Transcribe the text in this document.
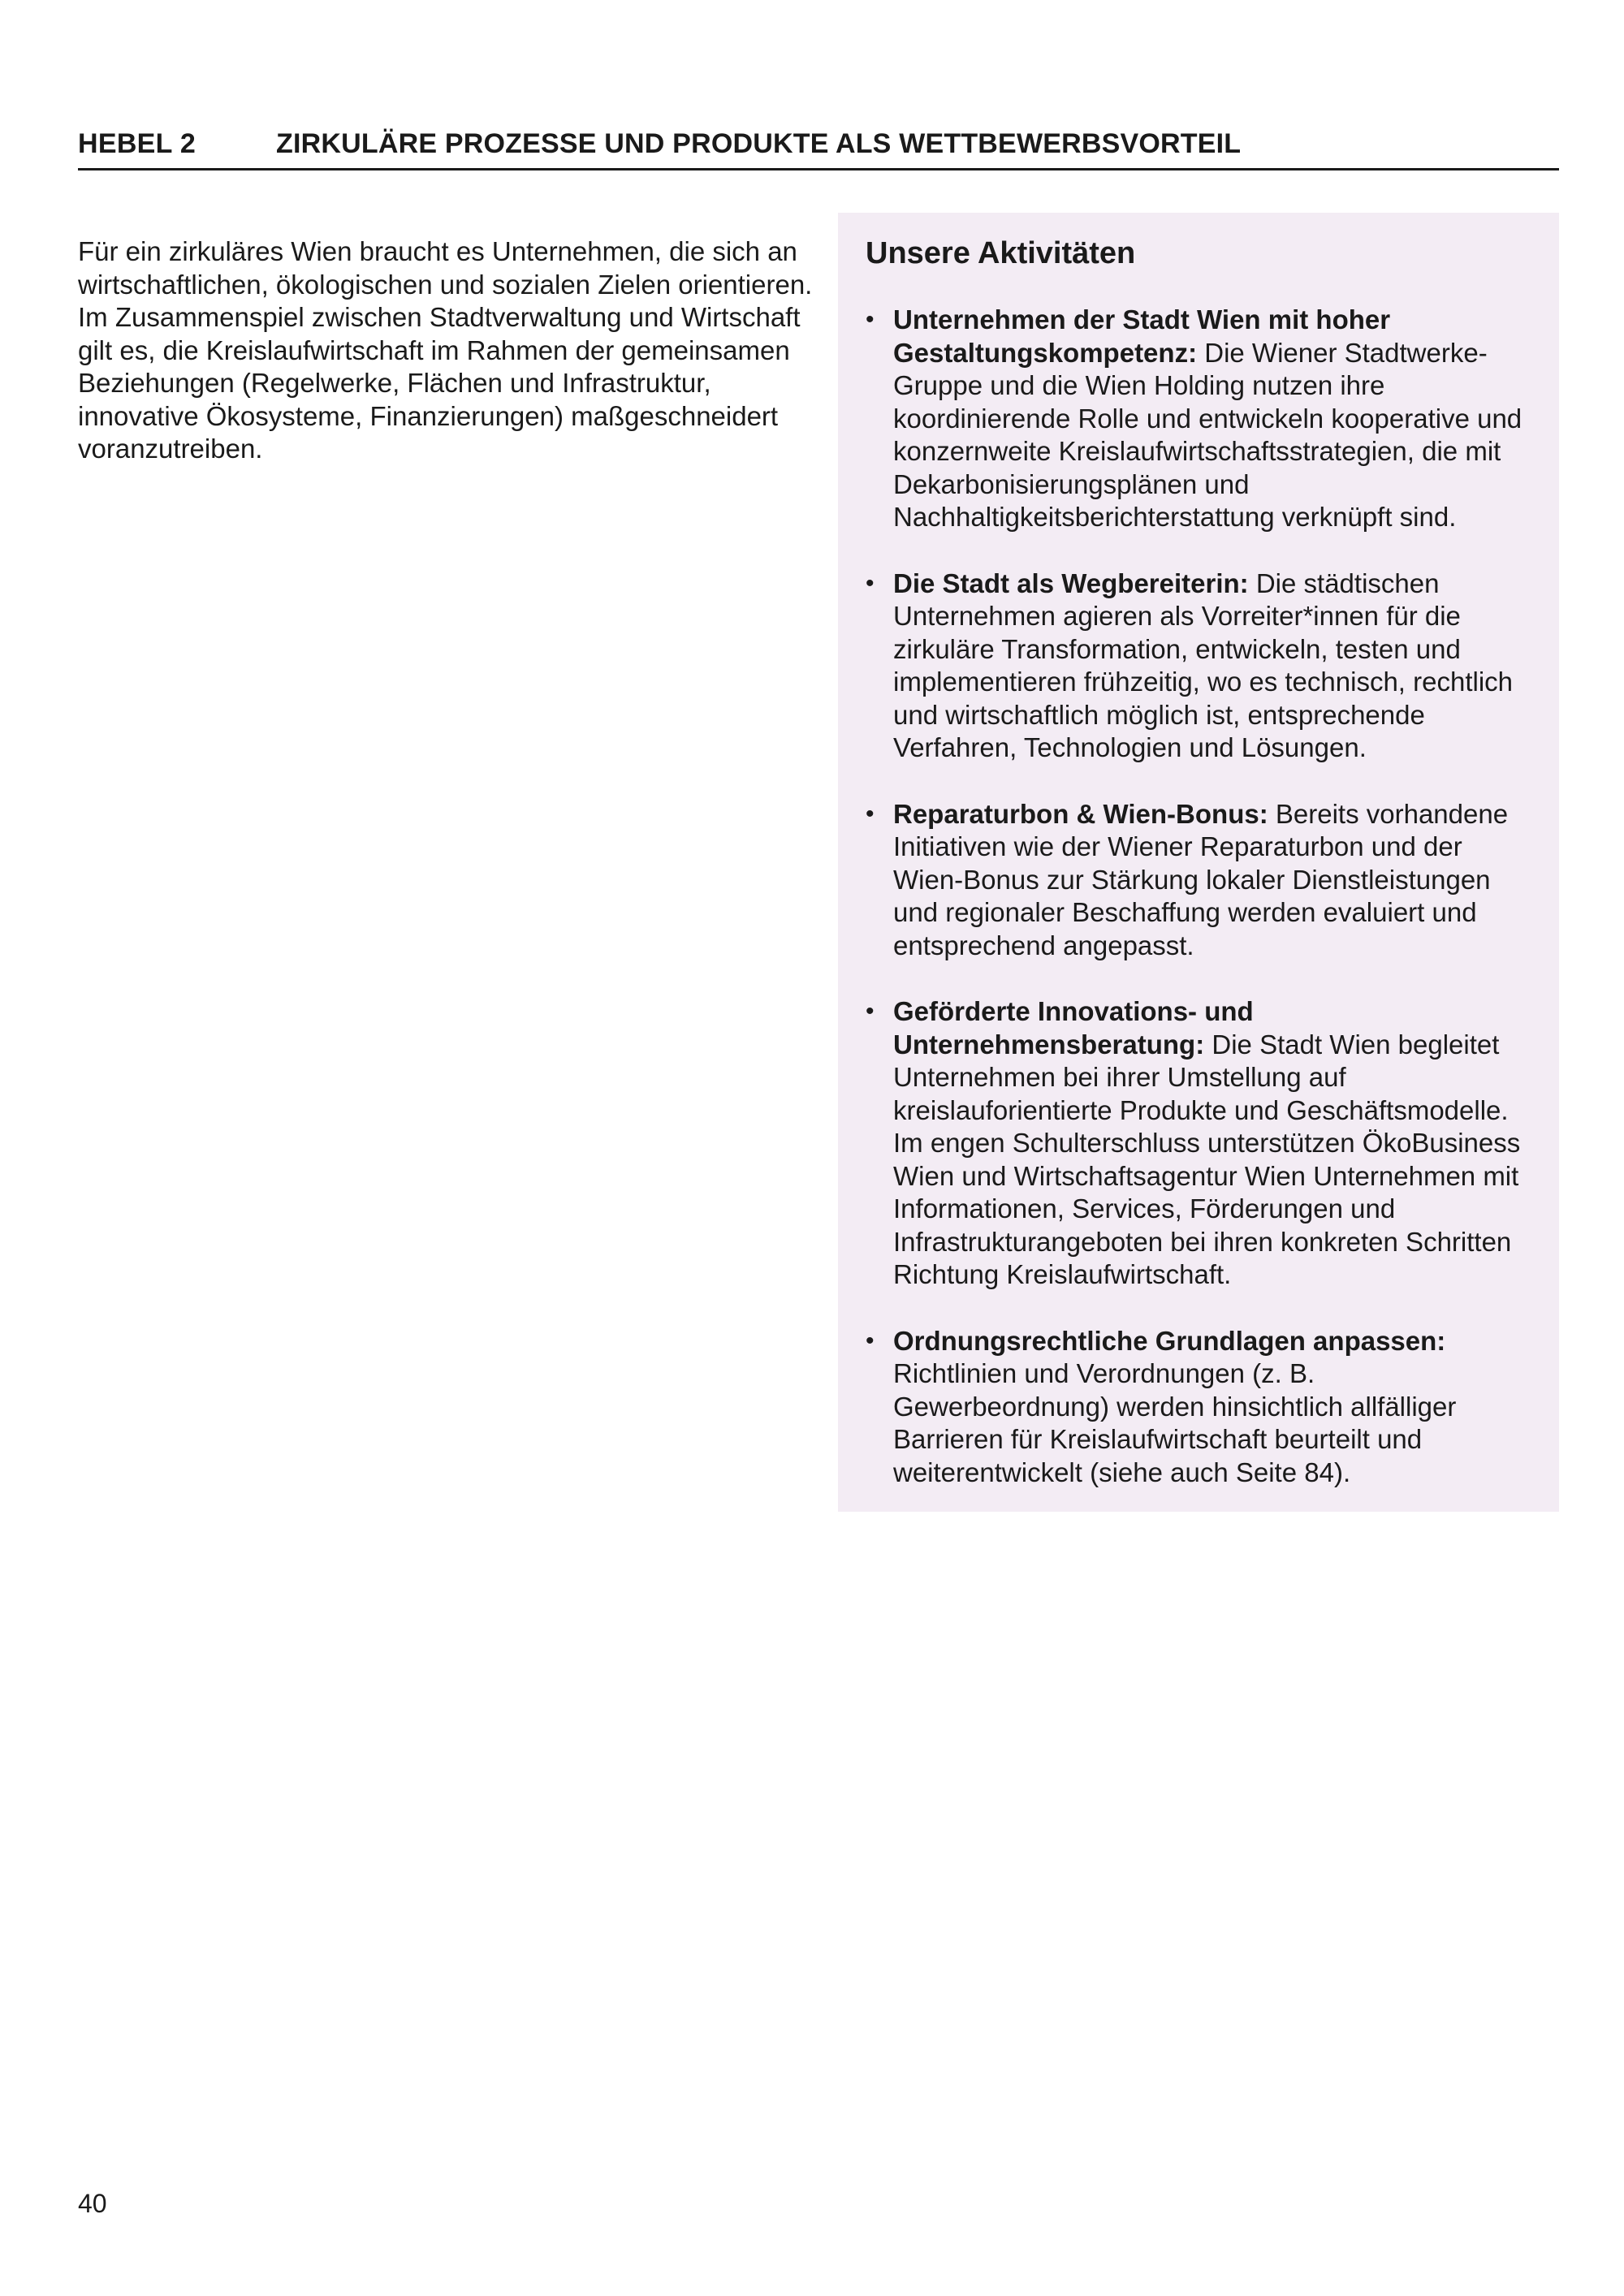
HEBEL 2	ZIRKULÄRE PROZESSE UND PRODUKTE ALS WETTBEWERBSVORTEIL

Für ein zirkuläres Wien braucht es Unternehmen, die sich an wirtschaftlichen, ökologischen und sozialen Zielen orientieren. Im Zusammenspiel zwischen Stadtverwaltung und Wirtschaft gilt es, die Kreislaufwirtschaft im Rahmen der gemeinsamen Beziehungen (Regelwerke, Flächen und Infrastruktur, innovative Ökosysteme, Finanzierungen) maßgeschneidert voranzutreiben.

Unsere Aktivitäten
• Unternehmen der Stadt Wien mit hoher Gestaltungskompetenz: Die Wiener Stadtwerke-Gruppe und die Wien Holding nutzen ihre koordinierende Rolle und entwickeln kooperative und konzernweite Kreislaufwirtschaftsstrategien, die mit Dekarbonisierungsplänen und Nachhaltigkeitsberichterstattung verknüpft sind.
• Die Stadt als Wegbereiterin: Die städtischen Unternehmen agieren als Vorreiter*innen für die zirkuläre Transformation, entwickeln, testen und implementieren frühzeitig, wo es technisch, rechtlich und wirtschaftlich möglich ist, entsprechende Verfahren, Technologien und Lösungen.
• Reparaturbon & Wien-Bonus: Bereits vorhandene Initiativen wie der Wiener Reparaturbon und der Wien-Bonus zur Stärkung lokaler Dienstleistungen und regionaler Beschaffung werden evaluiert und entsprechend angepasst.
• Geförderte Innovations- und Unternehmensberatung: Die Stadt Wien begleitet Unternehmen bei ihrer Umstellung auf kreislauforientierte Produkte und Geschäftsmodelle. Im engen Schulterschluss unterstützen ÖkoBusiness Wien und Wirtschaftsagentur Wien Unternehmen mit Informationen, Services, Förderungen und Infrastrukturangeboten bei ihren konkreten Schritten Richtung Kreislaufwirtschaft.
• Ordnungsrechtliche Grundlagen anpassen: Richtlinien und Verordnungen (z. B. Gewerbeordnung) werden hinsichtlich allfälliger Barrieren für Kreislaufwirtschaft beurteilt und weiterentwickelt (siehe auch Seite 84).
40
